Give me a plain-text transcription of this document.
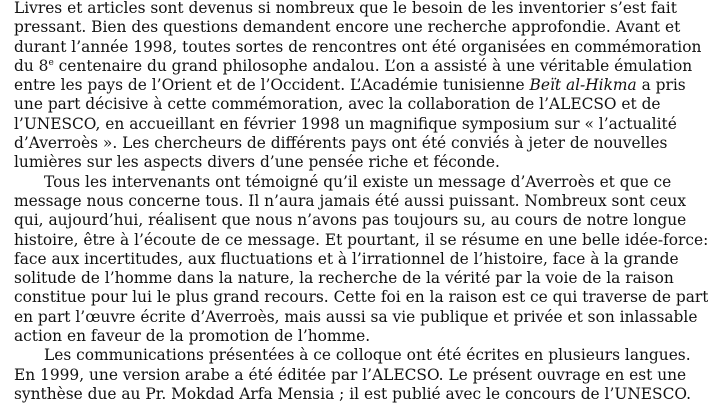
Livres et articles sont devenus si nombreux que le besoin de les inventorier s’est fait
pressant. Bien des questions demandent encore une recherche approfondie. Avant et
durant l’année 1998, toutes sortes de rencontres ont été organisées en commémoration
du 8e centenaire du grand philosophe andalou. L’on a assisté à une véritable émulation
entre les pays de l’Orient et de l’Occident. L’Académie tunisienne Beït al-Hikma a pris
une part décisive à cette commémoration, avec la collaboration de l’ALECSO et de
l’UNESCO, en accueillant en février 1998 un magnifique symposium sur « l’actualité
d’Averroès ». Les chercheurs de différents pays ont été conviés à jeter de nouvelles
lumières sur les aspects divers d’une pensée riche et féconde.
Tous les intervenants ont témoigné qu’il existe un message d’Averroès et que ce
message nous concerne tous. Il n’aura jamais été aussi puissant. Nombreux sont ceux
qui, aujourd’hui, réalisent que nous n’avons pas toujours su, au cours de notre longue
histoire, être à l’écoute de ce message. Et pourtant, il se résume en une belle idée-force:
face aux incertitudes, aux fluctuations et à l’irrationnel de l’histoire, face à la grande
solitude de l’homme dans la nature, la recherche de la vérité par la voie de la raison
constitue pour lui le plus grand recours. Cette foi en la raison est ce qui traverse de part
en part l’œuvre écrite d’Averroès, mais aussi sa vie publique et privée et son inlassable
action en faveur de la promotion de l’homme.
Les communications présentées à ce colloque ont été écrites en plusieurs langues.
En 1999, une version arabe a été éditée par l’ALECSO. Le présent ouvrage en est une
synthèse due au Pr. Mokdad Arfa Mensia ; il est publié avec le concours de l’UNESCO.
